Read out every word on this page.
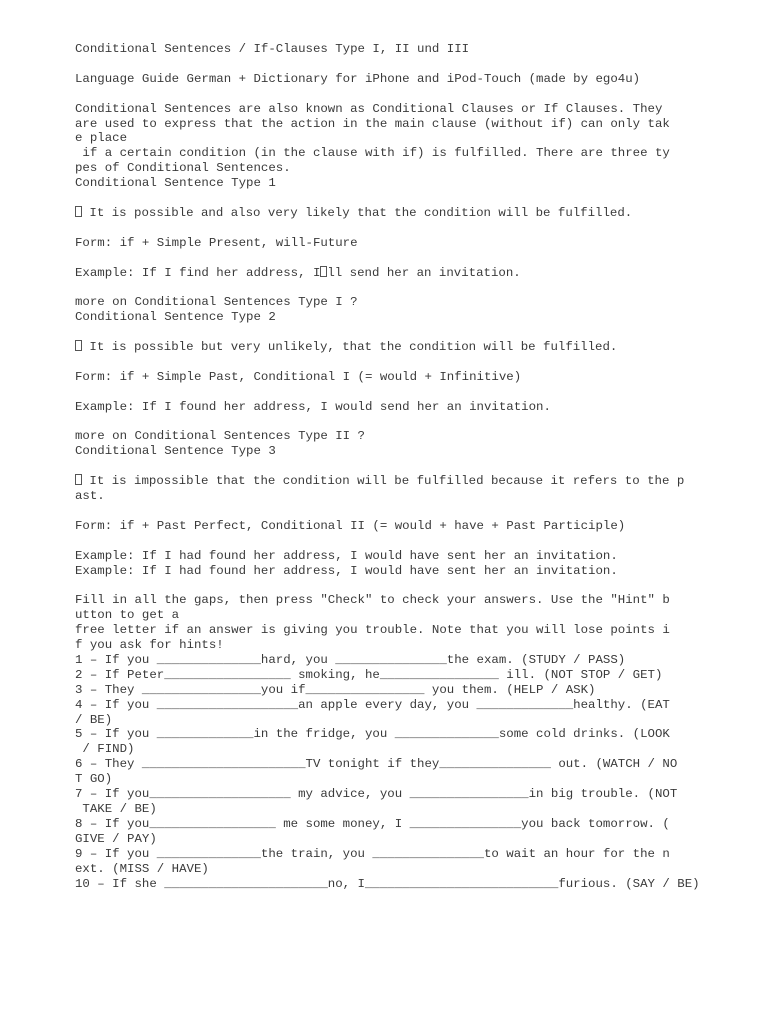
Conditional Sentences / If-Clauses Type I, II und III
Language Guide German + Dictionary for iPhone and iPod-Touch (made by ego4u)
Conditional Sentences are also known as Conditional Clauses or If Clauses. They
are used to express that the action in the main clause (without if) can only tak
e place
if a certain condition (in the clause with if) is fulfilled. There are three ty
pes of Conditional Sentences.
Conditional Sentence Type 1
It is possible and also very likely that the condition will be fulfilled.
Form: if + Simple Present, will-Future
Example: If I find her address, I ll send her an invitation.
more on Conditional Sentences Type I ?
Conditional Sentence Type 2
It is possible but very unlikely, that the condition will be fulfilled.
Form: if + Simple Past, Conditional I (= would + Infinitive)
Example: If I found her address, I would send her an invitation.
more on Conditional Sentences Type II ?
Conditional Sentence Type 3
It is impossible that the condition will be fulfilled because it refers to the p
ast.
Form: if + Past Perfect, Conditional II (= would + have + Past Participle)
Example: If I had found her address, I would have sent her an invitation.
Example: If I had found her address, I would have sent her an invitation.
Fill in all the gaps, then press "Check" to check your answers. Use the "Hint" b
utton to get a
free letter if an answer is giving you trouble. Note that you will lose points i
f you ask for hints!
1 – If you ______________hard, you _______________the exam. (STUDY / PASS)
2 – If Peter_________________ smoking, he________________ ill. (NOT STOP / GET)
3 – They ________________you if________________ you them. (HELP / ASK)
4 – If you ___________________an apple every day, you _____________healthy. (EAT
/ BE)
5 – If you _____________in the fridge, you ______________some cold drinks. (LOOK
/ FIND)
6 – They ______________________TV tonight if they_______________ out. (WATCH / NO
T GO)
7 – If you___________________ my advice, you ________________in big trouble. (NOT
TAKE / BE)
8 – If you_________________ me some money, I _______________you back tomorrow. (
GIVE / PAY)
9 – If you ______________the train, you _______________to wait an hour for the n
ext. (MISS / HAVE)
10 – If she ______________________no, I__________________________furious. (SAY / BE)
